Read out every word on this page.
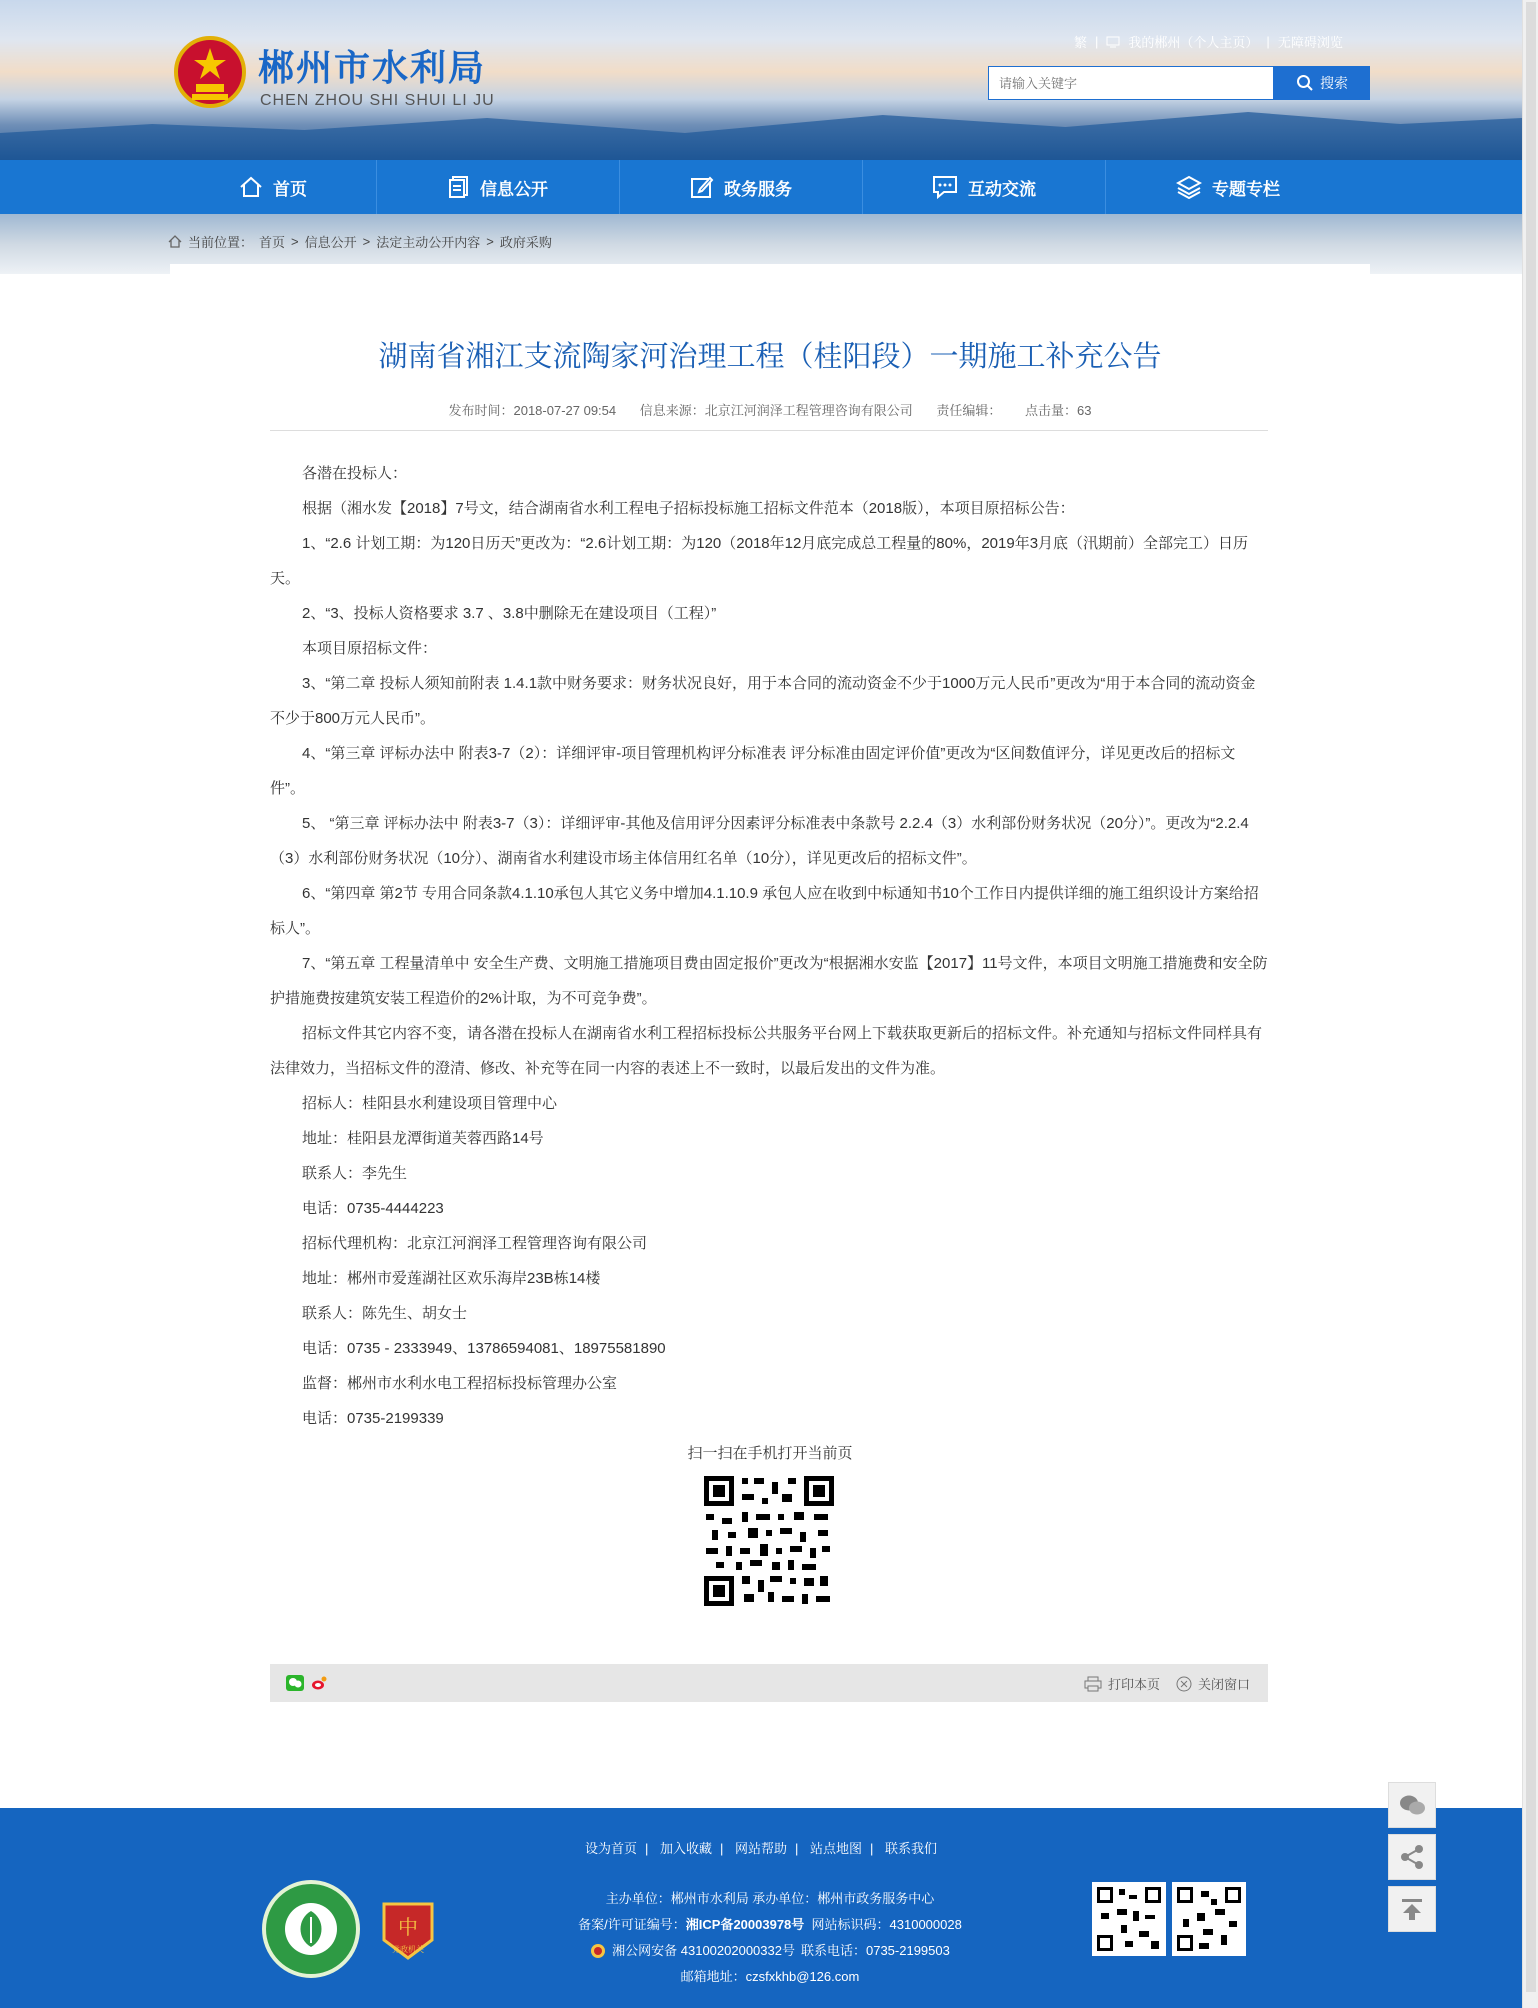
郴州市水利局
CHEN ZHOU SHI SHUI LI JU
繁 | 我的郴州（个人主页） | 无障碍浏览
请输入关键字
搜索
首页	信息公开	政务服务	互动交流	专题专栏
当前位置： 首页 > 信息公开 > 法定主动公开内容 > 政府采购
湖南省湘江支流陶家河治理工程（桂阳段）一期施工补充公告
发布时间：2018-07-27 09:54 信息来源：北京江河润泽工程管理咨询有限公司 责任编辑： 点击量：63

各潜在投标人：

根据（湘水发【2018】7号文，结合湖南省水利工程电子招标投标施工招标文件范本（2018版），本项目原招标公告：

1、“2.6 计划工期：为120日历天”更改为：“2.6计划工期：为120（2018年12月底完成总工程量的80%，2019年3月底（汛期前）全部完工）日历天。

2、“3、投标人资格要求 3.7 、3.8中删除无在建设项目（工程）”

本项目原招标文件：

3、“第二章 投标人须知前附表 1.4.1款中财务要求：财务状况良好，用于本合同的流动资金不少于1000万元人民币”更改为“用于本合同的流动资金不少于800万元人民币”。

4、“第三章 评标办法中 附表3-7（2）：详细评审-项目管理机构评分标准表 评分标准由固定评价值”更改为“区间数值评分，详见更改后的招标文件”。

5、 “第三章 评标办法中 附表3-7（3）：详细评审-其他及信用评分因素评分标准表中条款号 2.2.4（3）水利部份财务状况（20分）”。更改为“2.2.4（3）水利部份财务状况（10分）、湖南省水利建设市场主体信用红名单（10分），详见更改后的招标文件”。

6、“第四章 第2节 专用合同条款4.1.10承包人其它义务中增加4.1.10.9 承包人应在收到中标通知书10个工作日内提供详细的施工组织设计方案给招标人”。

7、“第五章 工程量清单中 安全生产费、文明施工措施项目费由固定报价”更改为“根据湘水安监【2017】11号文件，本项目文明施工措施费和安全防护措施费按建筑安装工程造价的2%计取，为不可竞争费”。

招标文件其它内容不变，请各潜在投标人在湖南省水利工程招标投标公共服务平台网上下载获取更新后的招标文件。补充通知与招标文件同样具有法律效力，当招标文件的澄清、修改、补充等在同一内容的表述上不一致时，以最后发出的文件为准。

招标人：桂阳县水利建设项目管理中心

地址：桂阳县龙潭街道芙蓉西路14号

联系人：李先生

电话：0735-4444223

招标代理机构：北京江河润泽工程管理咨询有限公司

地址：郴州市爱莲湖社区欢乐海岸23B栋14楼

联系人：陈先生、胡女士

电话：0735 - 2333949、13786594081、18975581890

监督：郴州市水利水电工程招标投标管理办公室

电话：0735-2199339

扫一扫在手机打开当前页
打印本页	关闭窗口
设为首页 | 加入收藏 | 网站帮助 | 站点地图 | 联系我们
中
党政机关
主办单位：郴州市水利局 承办单位：郴州市政务服务中心
备案/许可证编号：湘ICP备20003978号 网站标识码：4310000028
湘公网安备 43100202000332号 联系电话：0735-2199503
邮箱地址：czsfxkhb@126.com
